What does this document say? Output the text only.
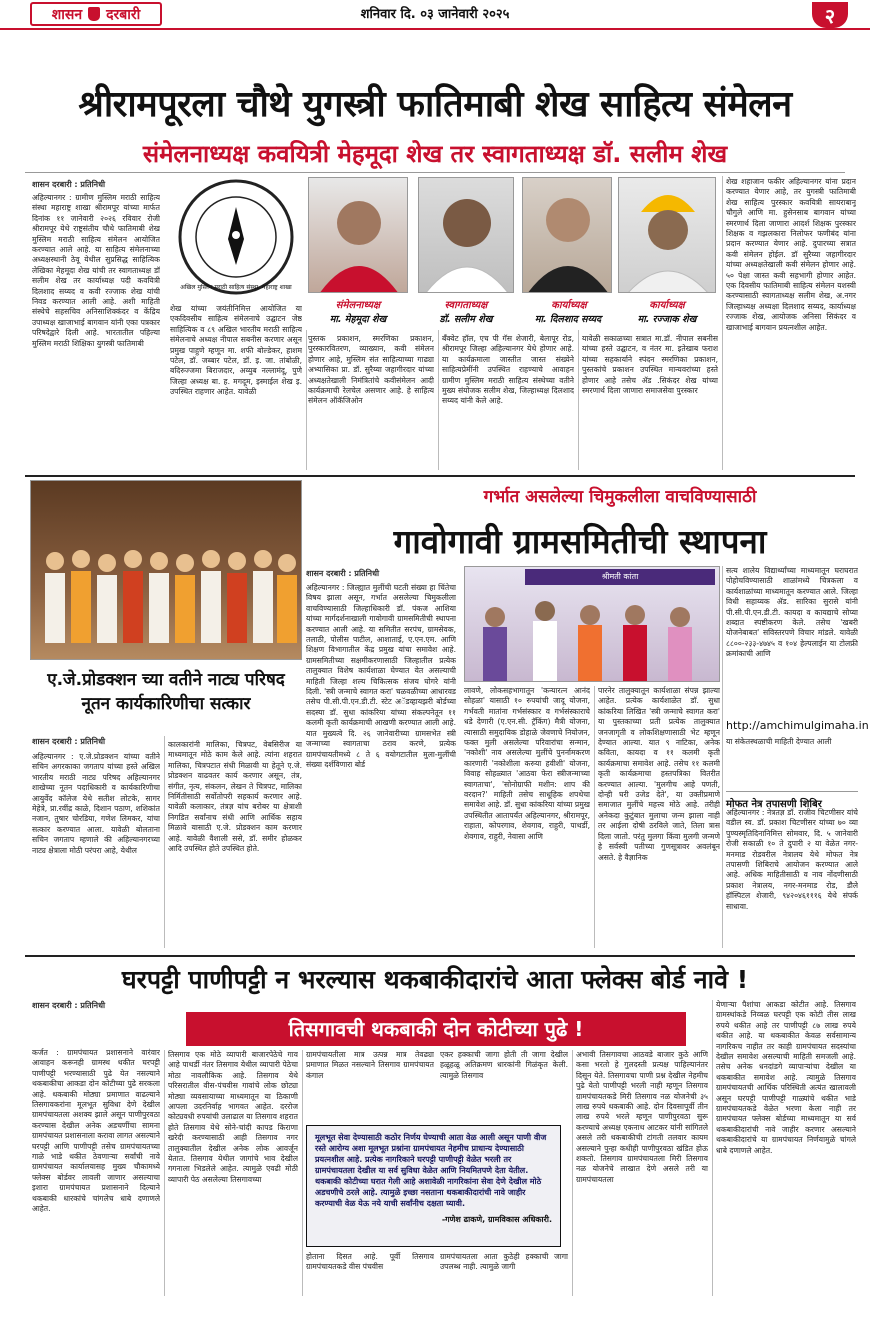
शासन दरबारी	शनिवार दि. ०३ जानेवारी २०२५	२
श्रीरामपूरला चौथे युगस्त्री फातिमाबी शेख साहित्य संमेलन
संमेलनाध्यक्ष कवयित्री मेहमूदा शेख तर स्वागताध्यक्ष डॉ. सलीम शेख
शासन दरबारी : प्रतिनिधी
अहिल्यानगर : ग्रामीण मुस्लिम मराठी साहित्य संस्था महाराष्ट्र शाखा श्रीरामपूर यांच्या मार्फत दिनांक ११ जानेवारी २०२६ रविवार रोजी श्रीरामपूर येथे राष्ट्रसंतीय चौथे फातिमाबी शेख मुस्लिम मराठी साहित्य संमेलन आयोजित करण्यात आले आहे. या साहित्य संमेलनाच्या अध्यक्षस्थानी ठेवू येथील सुप्रसिद्ध साहित्यिक लेखिका मेहमूदा शेख यांची तर स्वागताध्यक्ष डॉ सलीम शेख तर कार्याध्यक्ष पदी कवयित्री दिलशाद सय्यद व कवी रज्जाक शेख यांची निवड करण्यात आली आहे. अशी माहिती संस्थेचे सहसचिव अनिसाशिक्कंदर व केंद्रिय उपाध्यक्ष खाजाभाई बागवान यांनी एका पत्रकार परिषदेद्वारे दिली आहे. भारतातील पहिल्या मुस्लिम मराठी शिक्षिका युगस्त्री फातिमाबी
अखिल मुस्लिम मराठी साहित्य संस्था, महाराष्ट्र शाखा
संमेलनाध्यक्ष
मा. मेहमूदा शेख
स्वागताध्यक्ष
डॉ. सलीम शेख
कार्याध्यक्ष
मा. दिलशाद सय्यद
कार्याध्यक्ष
मा. रज्जाक शेख
शेख यांच्या जयंतीनिमित्त आयोजित या एकदिवसीय साहित्य संमेलनाचे उद्घाटन जेष्ठ साहित्यिक व ८९ अखिल भारतीय मराठी साहित्य संमेलनाचे अध्यक्ष नीपाल सबनीस करणार असून प्रमुख पाहुणे म्हणून मा. शफी बोल्डेकर, हाशम पटेल, डॉ. जब्बार पटेल, डॉ. इ. जा. तांबोळी, बदिरुज्जमा बिराजदार, अय्युब नल्लामंदू, पुणे जिल्हा अध्यक्ष बा. ह. मगदूम, इस्माईल शेख इ. उपस्थित राहणार आहेत. यावेळी
पुस्तक प्रकाशन, स्मरणिका प्रकाशन, पुरस्कारवितरण, व्याख्यान, कवी संमेलन होणार आहे, मुस्लिम संत साहित्याच्या गाढ्या अभ्यासिका प्रा. डॉ. सुरैय्या जहागीरदार यांच्या अध्यक्षतेखाली निमंत्रितांचे कवीसंमेलन आदी कार्यक्रमाची रेलचेल असणार आहे. हे साहित्य संमेलन ऑकॅजिओन
बँक्वेट हॉल, एच पी गॅस शेजारी, बेलापूर रोड, श्रीरामपूर जिल्हा अहिल्यानगर येथे होणार आहे. या कार्यक्रमाला जास्तीत जास्त संख्येने साहित्यप्रेमींनी उपस्थित राहण्याचे आवाहन ग्रामीण मुस्लिम मराठी साहित्य संस्थेच्या वतीने मुख्य संयोजक सलीम शेख, जिल्हाध्यक्ष दिलशाद सय्यद यांनी केले आहे.
यावेळी सकाळच्या सत्रात मा.डॉ. नीपाल सबनीस यांच्या हस्ते उद्घाटन, व नंतर मा. इतेखाब फराश यांच्या सहकार्याने स्पंदन स्मरणिका प्रकाशन, पुस्तकांचे प्रकाशन उपस्थित मान्यवरांच्या हस्ते होणार आहे तसेच ॲड .सिकंदर शेख यांच्या स्मरणार्थ दिला जाणारा समाजसेवा पुरस्कार
शेख शहाजान फकीर अहिल्यानगर यांना प्रदान करण्यात येणार आहे, तर युगस्त्री फातिमाबी शेख साहित्य पुरस्कार कवयित्री सायराबानू चौगुले आणि मा. हुसेनसाब बागवान यांच्या स्मरणार्थ दिला जाणारा आदर्श शिक्षक पुरस्कार शिक्षक व गझलकारा निलोफर फणीबंद यांना प्रदान करण्यात येणार आहे. दुपारच्या सत्रात कवी संमेलन होईल. डॉ सुरैय्या जहागीरदार यांच्या अध्यक्षतेखाली कवी संमेलन होणार आहे. ५० पेक्षा जास्त कवी सहभागी होणार आहेत. एक दिवसीय फातिमाबी साहित्य संमेलन यशस्वी करण्यासाठी स्वागताध्यक्ष सलीम शेख, अ.नगर जिल्हाध्यक्ष अध्यक्षा दिलशाद सय्यद, कार्याध्यक्ष रज्जाक शेख, आयोजक अनिसा सिकंदर व खाजाभाई बागवान प्रयत्नशील आहेत.
ए.जे.प्रोडक्शन च्या वतीने नाट्य परिषद नूतन कार्यकारिणीचा सत्कार
गर्भात असलेल्या चिमुकलीला वाचविण्यासाठी
गावोगावी ग्रामसमितीची स्थापना
शासन दरबारी : प्रतिनिधी
अहिल्यानगर : जिल्ह्यात मुलींची घटती संख्या हा चिंतेचा विषय झाला असून, गर्भात असलेल्या चिमुकलीला वाचविण्यासाठी जिल्हाधिकारी डॉ. पंकज आशिया यांच्या मार्गदर्शनाखाली गावोगावी ग्रामसमितीची स्थापना करण्यात आली आहे. या समितीत सरपंच, ग्रामसेवक, तलाठी, पोलीस पाटील, आशाताई, ए.एन.एम. आणि शिक्षण विभागातील केंद्र प्रमुख यांचा समावेश आहे. ग्रामसमितीच्या सक्षमीकरणासाठी जिल्हातील प्रत्येक तालुक्यात विशेष कार्यशाळा घेण्यात येत असल्याची माहिती जिल्हा शल्य चिकित्सक संजय घोगरे यांनी दिली. 'स्त्री जन्माचे स्वागत करा' चळवळीच्या आधारवड तसेच पी.सी.पी.एन.डी.टी. स्टेट अॅडव्हायझरी बोर्डच्या सदस्या डॉ. सुधा कांकरिया यांच्या संकल्पनेतून ११ कलमी कृती कार्यक्रमाची आखणी करण्यात आली आहे. यात मुख्यत्वे दि. २६ जानेवारीच्या ग्रामसभेत स्त्री जन्माच्या स्वागताचा ठराव करणे, प्रत्येक ग्रामपंचायतीमध्ये ८ ते ६ वयोगटातील मुला-मुलींची संख्या दर्शविणारा बोर्ड
श्रीमती कांता
लावणे, लोकसहभागातून 'कन्यारत्न आनंद सोहळा' यासाठी १० रुपयांची जादू योजना, गर्भवती मातांना गर्भसंस्कार व गर्भसंस्काराचे धडे देणारी (ए.एन.सी. ट्रॅकिंग) मैत्री योजना, त्यासाठी समुदायिक डोहाळे जेवणाचे नियोजन, फक्त मुली असलेल्या परिवारांचा सन्मान, 'नकोशी' नाव असलेल्या मुलींचे पुनर्नामकरण कारणारी 'नकोशीला करुया हवीशी' योजना, विवाह सोहळ्यात 'आठवा फेरा स्त्रीजन्माच्या स्वागताचा', 'सोनोग्राफी मशीन: शाप की वरदान?' माहिती तसेच साधूहिक शपथेचा समावेश आहे. डॉ. सुधा कांकरिया यांच्या प्रमुख उपस्थितीत आतापर्यंत अहिल्यानगर, श्रीरामपूर, राहाता, कोपरगाव, शेवगाव, राहुरी, पाथर्डी, शेवगाव, राहुरी, नेवासा आणि
पारनेर तालुक्यातून कार्यशाळा संपन्न झाल्या आहेत. प्रत्येक कार्यशाळेत डॉ. सुधा कांकरिया लिखित 'स्त्री जन्माचे स्वागत करा' या पुस्तकाच्या प्रती प्रत्येक तालुक्यात जनजागृती व लोकशिक्षणासाठी भेट म्हणून देण्यात आल्या. यात ९ नाटिका, अनेक कविता, कायदा व ११ कलमी कृती कार्यक्रमाचा समावेश आहे. तसेच ११ कलमी कृती कार्यक्रमाचा हस्तपत्रिका वितरीत करण्यात आल्या. 'मुलगीच आहे पणती, दोन्ही घरी उजेड देते', या उक्तीप्रमाणे समाजात मुलींचे महत्त्व मोठे आहे. तरीही अनेकदा कुटुंबात मुलाचा जन्म झाला नाही तर आईला दोषी ठरविले जाते, तिला त्रास दिला जातो. परंतु मुलगा किंवा मुलगी जन्मणे हे सर्वस्वी पतीच्या गुणसूत्रावर अवलंबून असते. हे वैज्ञानिक
सत्य शालेय विद्यार्थ्यांच्या माध्यमातून घराघरात पोहोचविण्यासाठी शाळांमध्ये चित्रकला व कार्यशाळांच्या माध्यमातून करण्यात आले. जिल्हा विधी सहाय्यक ॲड. सारिका सुरासे यांनी पी.सी.पी.एन.डी.टी. कायदा व कायद्याचे सोप्या शब्दात स्पष्टीकरण केले. तसेच 'खबरी योजनेबाबत' सविस्तरपणे विचार मांडले. यावेळी ८८००-२३३-४७४५ व १०४ हेल्पलाईन या टोलफ्री क्रमांकाची आणि
http://amchimulgimaha.in
या संकेतस्थळाची माहिती देण्यात आली
मोफत नेत्र तपासणी शिबिर
अहिल्यानगर : नेत्रतज्ञ डॉ. राजीव चिटणीसर यांचे वडील स्व. डॉ. प्रकाश चिटणीसर यांच्या ७० व्या पुण्यस्मृतिदिनानिमित्त सोमवार, दि. ५ जानेवारी रोजी सकाळी १० ते दुपारी २ या वेळेत नगर-मनमाड रोडवरील नेत्रालय येथे मोफत नेत्र तपासणी शिबिराचे आयोजन करण्यात आले आहे. अधिक माहितीसाठी व नाव नोंदणीसाठी प्रकाश नेत्रालय, नगर-मनमाड रोड, डौले हॉस्पिटल शेजारी, ९४२०४६१११६ येथे संपर्क साधावा.
शासन दरबारी : प्रतिनिधी
अहिल्यानगर : ए.जे.प्रोडक्शन यांच्या वतीने सचिन अगरकाका जगताप यांच्या हस्ते अखिल भारतीय मराठी नाट्य परिषद अहिल्यानगर शाखेच्या नूतन पदाधिकारी व कार्यकारिणीचा आयुर्वेद कॉलेज येथे सतीश लोटके, सागर मेहेत्रे, प्रा.रवींद्र काळे, दिशान पठाण, शशिकांत नजान, तुषार चोरडिया, गणेश लिमकर, यांचा सत्कार करण्यात आला. यावेळी बोलताना सचिन जगताप म्हणाले की अहिल्यानगरच्या नाट्य क्षेत्राला मोठी परंपरा आहे, येथील
कालकारांनी मालिका, चित्रपट, वेबसिरीज या माध्यमातून मोठे काम केले आहे. त्यांना शहरात मालिका, चित्रपटात संधी मिळावी या हेतूने ए.जे. प्रोडक्शन वाढवतर कार्य करणार असून, तंत्र, संगीत, नृत्य, संकलन, लेखन ते चित्रपट, मालिका निर्मितीसाठी सर्वोतोपरी सहकार्य करणार आहे. यावेळी कलाकार, तंत्रज्ञ यांच बरोबर या क्षेत्राशी निगडित सर्वांनाच संधी आणि आर्थिक सहाय मिळावे यासाठी ए.जे. प्रोडक्शन काम करणार आहे. यावेळी वैशाली ससे, डॉ. समीर होळकर आदि उपस्थित होते उपस्थित होते.
घरपट्टी पाणीपट्टी न भरल्यास थकबाकीदारांचे आता फ्लेक्स बोर्ड नावे !
तिसगावची थकबाकी दोन कोटीच्या पुढे !
शासन दरबारी : प्रतिनिधी
कर्जत : ग्रामपंचायत प्रशासनाने वारंवार आवाहन करूनही ग्रामस्थ थकीत घरपट्टी पाणीपट्टी भरण्यासाठी पुढे येत नसल्याने थकबाकीचा आकडा दोन कोटीच्या पुढे सरकला आहे. थकबाकी मोठ्या प्रमाणात वाढल्याने तिसगावकरांना मूलभूत सुविधा देणे देखील ग्रामपंचायतला अशक्य झाले असून पाणीपुरवठा करण्यास देखील अनेक अडचणींचा सामना ग्रामपंचायत प्रशासनाला करावा लागत असल्याने घरपट्टी आणि पाणीपट्टी तसेच ग्रामपंचायतच्या गाळे भाडे थकीत ठेवणाऱ्या सर्वांची नावे ग्रामपंचायत कार्यालयासह मुख्य चौकामध्ये फ्लेक्स बोर्डवर लावली जाणार असल्याचा इशारा ग्रामपंचायत प्रशासनाने दिल्याने थकबाकी धारकांचे चांगलेच धाबे दणाणले आहेत.
तिसगाव एक मोठे व्यापारी बाजारपेठेचे गाव आहे पाथर्डी नंतर तिसगाव येथील व्यापारी पेठेचा मोठा नावलौकिक आहे. तिसगाव येथे परिसरातील वीस-पंचवीस गावांचे लोक छोट्या मोठ्या व्यवसायाच्या माध्यमातून या ठिकाणी आपला उदरनिर्वाह भागवत आहेत. दररोज कोट्यवधी रुपयांची उलाढाल या तिसगाव शहरात होते तिसगाव येथे सोने-चांदी कापड किराणा खरेदी करण्यासाठी आही तिसगाव नगर तालुक्यातील देखील अनेक लोक आवर्जून येतात. तिसगाव येथील जागांचे भाव देखील गगनाला भिडलेले आहेत. त्यामुळे एवढी मोठी व्यापारी पेठ असलेल्या तिसगावच्या
ग्रामपंचायतीला मात्र उत्पन्न मात्र तेवढ्या प्रमाणात मिळत नसल्याने तिसगाव ग्रामपंचायत कंगाल
एकर हक्काची जागा होती ती जागा देखील हळूहळू अतिक्रमण धारकांनी गिळंकृत केली. त्यामुळे तिसगाव
मूलभूत सेवा देण्यासाठी कठोर निर्णय घेण्याची आता वेळ आली असून पाणी वीज रस्ते आरोग्य अशा मूलभूत प्रश्नांना ग्रामपंचायत नेहमीच प्राधान्य देण्यासाठी प्रयत्नशील आहे. प्रत्येक नागरिकाने घरपट्टी पाणीपट्टी वेळेत भरली तर ग्रामपंचायतला देखील या सर्व सुविधा वेळेत आणि नियमितपणे देता येतील. थकबाकी कोटीच्या घरात गेली आहे अशावेळी नागरिकांना सेवा देणे देखील मोठे अडचणीचे ठरले आहे. त्यामुळे इच्छा नसताना थकबाकीदारांची नावे जाहीर करण्याची वेळ येऊ नये याची सर्वांनीच दक्षता घ्यावी.
-गणेश ढाकणे, ग्रामविकास अधिकारी.
होताना दिसत आहे. पूर्वी तिसगाव ग्रामपंचायतकडे वीस पंचवीस
ग्रामपंचायतला आता कुठेही हक्काची जागा उपलब्ध नाही. त्यामुळे जागी
अभावी तिसगावचा आठवडे बाजार कुठे आणि कसा भरतो हे गुलदस्ती प्रत्यक्ष पाहिल्यानंतर दिसून येते. तिसगावचा पाणी प्रश्न देखील नेहमीच पुढे येतो पाणीपट्टी भरली नाही म्हणून तिसगाव ग्रामपंचायतकडे मिरी तिसगाव नळ योजनेची ३५ लाख रुपये थकबाकी आहे. दोन दिवसापूर्वी तीन लाख रुपये भरले म्हणून पाणीपुरवठा सुरू करण्याचे अध्यक्ष एकनाथ आटकर यांनी सांगितले असले तरी थकबाकीची टांगती तलवार कायम असल्याने पुन्हा कधीही पाणीपुरवठा खंडित होऊ शकतो. तिसगाव ग्रामपंचायतला मिरी तिसगाव नळ योजनेचे लाखात देणे असले तरी या ग्रामपंचायतला
येणाऱ्या पैशांचा आकडा कोटीत आहे. तिसगाव ग्रामस्थांकडे निव्वळ घरपट्टी एक कोटी तीस लाख रुपये थकीत आहे तर पाणीपट्टी ८७ लाख रुपये थकीत आहे. या थकबाकीत केवळ सर्वसामान्य नागरिकच नाहीत तर काही ग्रामपंचायत सदस्यांचा देखील समावेश असल्याची माहिती समजली आहे. तसेच अनेक धनदांडगे व्यापाऱ्यांचा देखील या थकबाकीत समावेश आहे. त्यामुळे तिसगाव ग्रामपंचायतची आर्थिक परिस्थिती अत्यंत खालावली असून घरपट्टी पाणीपट्टी गाळ्यांचे थकीत भाडे ग्रामपंचायतकडे वेळेत भरणा केला नाही तर ग्रामपंचायत फ्लेक्स बोर्डच्या माध्यमातून या सर्व थकबाकीदारांची नावे जाहीर करणार असल्याने थकबाकीदारांचे या ग्रामपंचायत निर्णयामुळे चांगले धाबे दणाणले आहेत.
